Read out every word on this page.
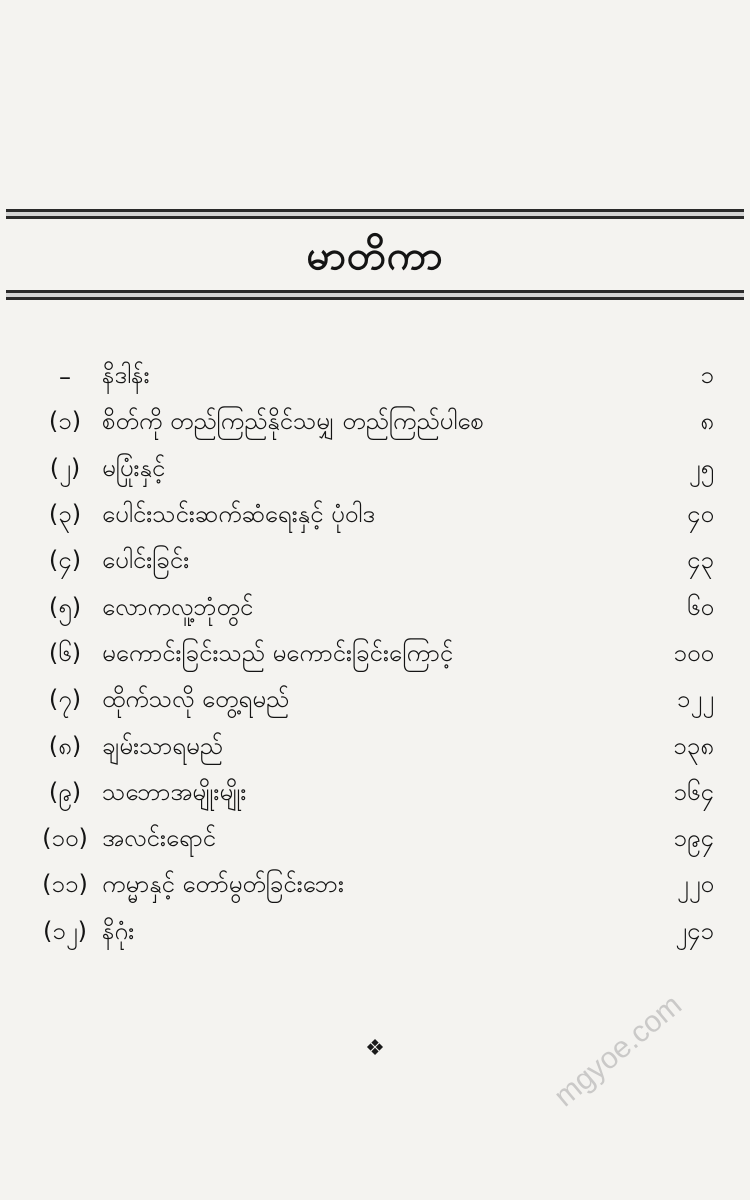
မာတိကာ
–	နိဒါန်း	၁
(၁) စိတ်ကို တည်ကြည်နိုင်သမျှ တည်ကြည်ပါစေ	၈
(၂) မပြုံးနှင့်	၂၅
(၃) ပေါင်းသင်းဆက်ဆံရေးနှင့် ပုံဝါဒ	၄၀
(၄) ပေါင်းခြင်း	၄၃
(၅) လောကလူ့ဘုံတွင်	၆၀
(၆) မကောင်းခြင်းသည် မကောင်းခြင်းကြောင့်	၁၀၀
(၇) ထိုက်သလို တွေ့ရမည်	၁၂၂
(၈) ချမ်းသာရမည်	၁၃၈
(၉) သဘောအမျိုးမျိုး	၁၆၄
(၁၀) အလင်းရောင်	၁၉၄
(၁၁) ကမ္မာနှင့် တော်မွတ်ခြင်းဘေး	၂၂၀
(၁၂) နိဂုံး	၂၄၁
❖	mgyoe.com
